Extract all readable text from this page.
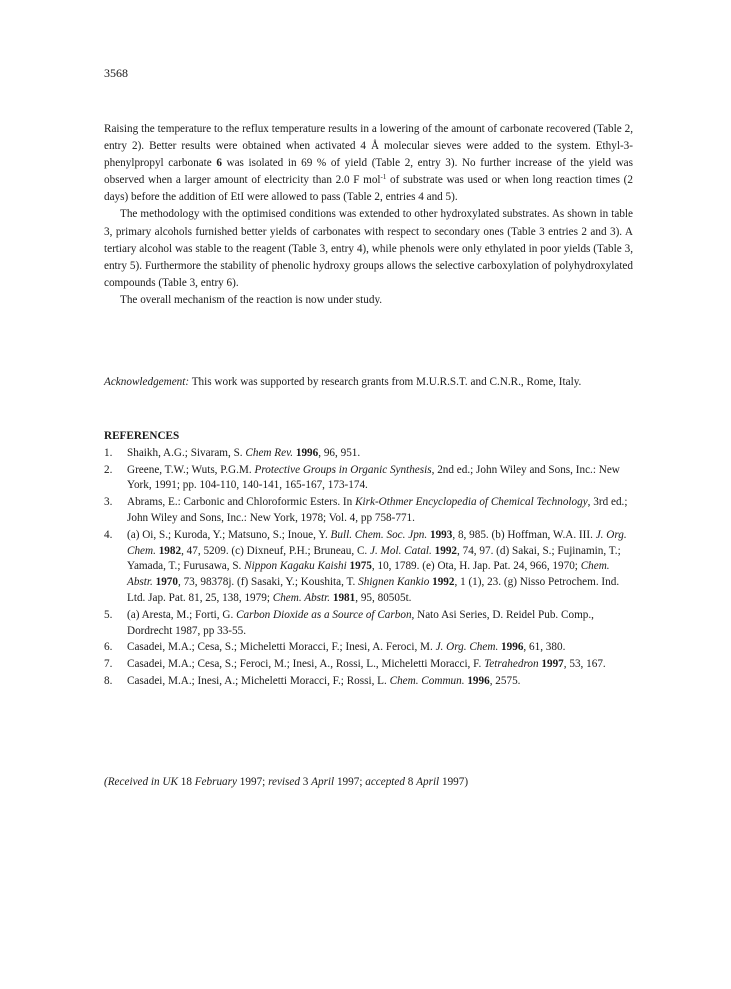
3568

Raising the temperature to the reflux temperature results in a lowering of the amount of carbonate recovered (Table 2, entry 2). Better results were obtained when activated 4 Å molecular sieves were added to the system. Ethyl-3-phenylpropyl carbonate 6 was isolated in 69 % of yield (Table 2, entry 3). No further increase of the yield was observed when a larger amount of electricity than 2.0 F mol$^{-1}$ of substrate was used or when long reaction times (2 days) before the addition of EtI were allowed to pass (Table 2, entries 4 and 5).

The methodology with the optimised conditions was extended to other hydroxylated substrates. As shown in table 3, primary alcohols furnished better yields of carbonates with respect to secondary ones (Table 3 entries 2 and 3). A tertiary alcohol was stable to the reagent (Table 3, entry 4), while phenols were only ethylated in poor yields (Table 3, entry 5). Furthermore the stability of phenolic hydroxy groups allows the selective carboxylation of polyhydroxylated compounds (Table 3, entry 6).

The overall mechanism of the reaction is now under study.

Acknowledgement: This work was supported by research grants from M.U.R.S.T. and C.N.R., Rome, Italy.
REFERENCES
1. Shaikh, A.G.; Sivaram, S. Chem Rev. 1996, 96, 951.
2. Greene, T.W.; Wuts, P.G.M. Protective Groups in Organic Synthesis, 2nd ed.; John Wiley and Sons, Inc.: New York, 1991; pp. 104-110, 140-141, 165-167, 173-174.
3. Abrams, E.: Carbonic and Chloroformic Esters. In Kirk-Othmer Encyclopedia of Chemical Technology, 3rd ed.; John Wiley and Sons, Inc.: New York, 1978; Vol. 4, pp 758-771.
4. (a) Oi, S.; Kuroda, Y.; Matsuno, S.; Inoue, Y. Bull. Chem. Soc. Jpn. 1993, 8, 985. (b) Hoffman, W.A. III. J. Org. Chem. 1982, 47, 5209. (c) Dixneuf, P.H.; Bruneau, C. J. Mol. Catal. 1992, 74, 97. (d) Sakai, S.; Fujinamin, T.; Yamada, T.; Furusawa, S. Nippon Kagaku Kaishi 1975, 10, 1789. (e) Ota, H. Jap. Pat. 24, 966, 1970; Chem. Abstr. 1970, 73, 98378j. (f) Sasaki, Y.; Koushita, T. Shignen Kankio 1992, 1 (1), 23. (g) Nisso Petrochem. Ind. Ltd. Jap. Pat. 81, 25, 138, 1979; Chem. Abstr. 1981, 95, 80505t.
5. (a) Aresta, M.; Forti, G. Carbon Dioxide as a Source of Carbon, Nato Asi Series, D. Reidel Pub. Comp., Dordrecht 1987, pp 33-55.
6. Casadei, M.A.; Cesa, S.; Micheletti Moracci, F.; Inesi, A. Feroci, M. J. Org. Chem. 1996, 61, 380.
7. Casadei, M.A.; Cesa, S.; Feroci, M.; Inesi, A., Rossi, L., Micheletti Moracci, F. Tetrahedron 1997, 53, 167.
8. Casadei, M.A.; Inesi, A.; Micheletti Moracci, F.; Rossi, L. Chem. Commun. 1996, 2575.
(Received in UK 18 February 1997; revised 3 April 1997; accepted 8 April 1997)
